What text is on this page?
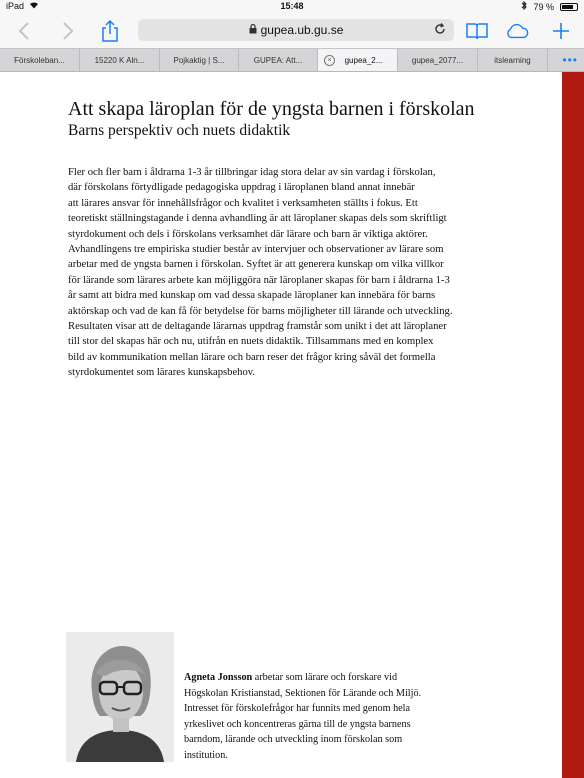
iPad	15:48	79 %
gupea.ub.gu.se
Förskoleban...	15220 K Aln...	Pojkaktig | S...	GUPEA: Att...	×	gupea_2...	gupea_2077...	itslearning	•••
Att skapa läroplan för de yngsta barnen i förskolan
Barns perspektiv och nuets didaktik

Fler och fler barn i åldrarna 1-3 år tillbringar idag stora delar av sin vardag i förskolan,
där förskolans förtydligade pedagogiska uppdrag i läroplanen bland annat innebär
att lärares ansvar för innehållsfrågor och kvalitet i verksamheten ställts i fokus. Ett
teoretiskt ställningstagande i denna avhandling är att läroplaner skapas dels som skriftligt
styrdokument och dels i förskolans verksamhet där lärare och barn är viktiga aktörer.
Avhandlingens tre empiriska studier består av intervjuer och observationer av lärare som
arbetar med de yngsta barnen i förskolan. Syftet är att generera kunskap om vilka villkor
för lärande som lärares arbete kan möjliggöra när läroplaner skapas för barn i åldrarna 1-3
år samt att bidra med kunskap om vad dessa skapade läroplaner kan innebära för barns
aktörskap och vad de kan få för betydelse för barns möjligheter till lärande och utveckling.
Resultaten visar att de deltagande lärarnas uppdrag framstår som unikt i det att läroplaner
till stor del skapas här och nu, utifrån en nuets didaktik. Tillsammans med en komplex
bild av kommunikation mellan lärare och barn reser det frågor kring såväl det formella
styrdokumentet som lärares kunskapsbehov.

Agneta Jonsson arbetar som lärare och forskare vid
Högskolan Kristianstad, Sektionen för Lärande och Miljö.
Intresset för förskolefrågor har funnits med genom hela
yrkeslivet och koncentreras gärna till de yngsta barnens
barndom, lärande och utveckling inom förskolan som
institution.
